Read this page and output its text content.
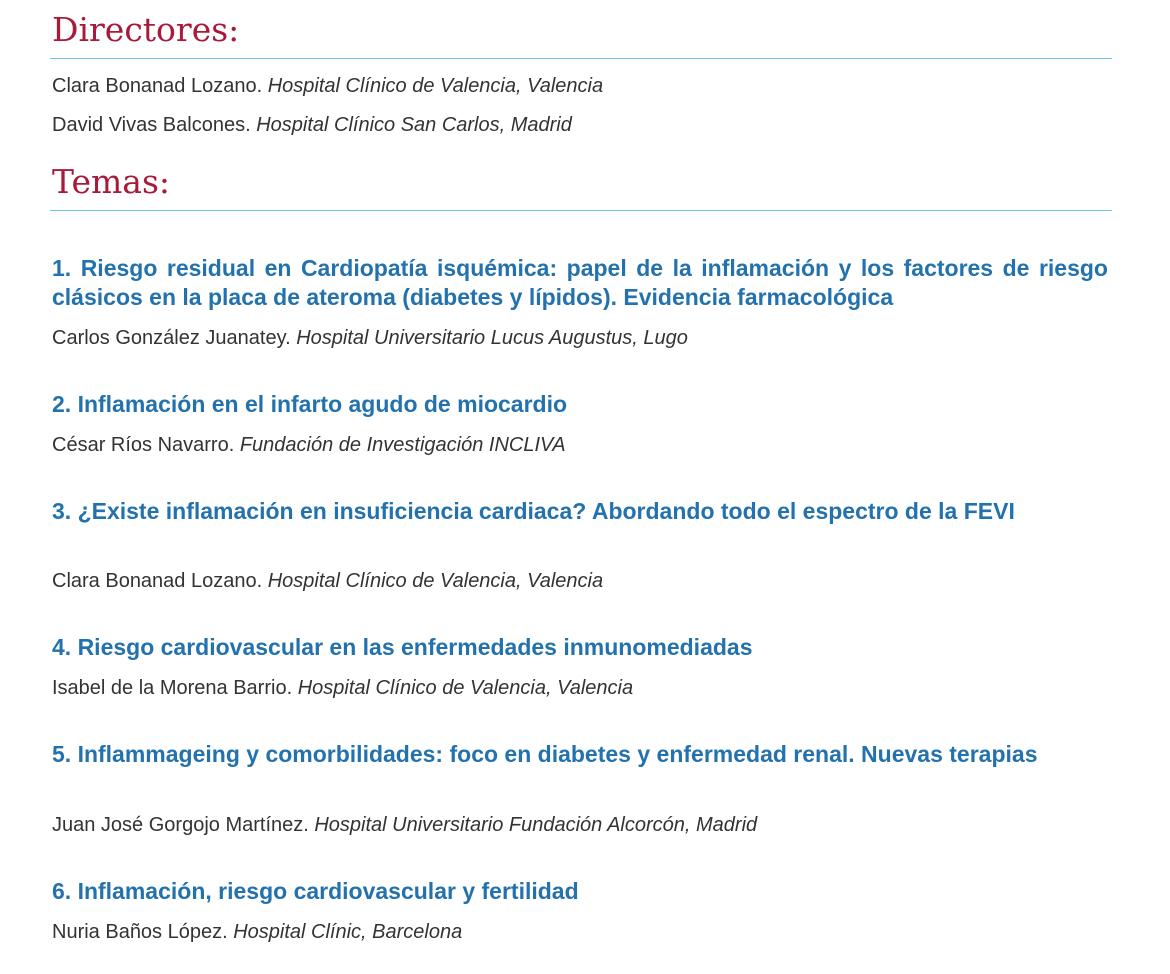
Directores:

Clara Bonanad Lozano. Hospital Clínico de Valencia, Valencia

David Vivas Balcones. Hospital Clínico San Carlos, Madrid

Temas:
1. Riesgo residual en Cardiopatía isquémica: papel de la inflamación y los factores de riesgo clásicos en la placa de ateroma (diabetes y lípidos). Evidencia farmacológica

Carlos González Juanatey. Hospital Universitario Lucus Augustus, Lugo

2. Inflamación en el infarto agudo de miocardio

César Ríos Navarro. Fundación de Investigación INCLIVA

3. ¿Existe inflamación en insuficiencia cardiaca? Abordando todo el espectro de la FEVI

Clara Bonanad Lozano. Hospital Clínico de Valencia, Valencia

4. Riesgo cardiovascular en las enfermedades inmunomediadas

Isabel de la Morena Barrio. Hospital Clínico de Valencia, Valencia

5. Inflammageing y comorbilidades: foco en diabetes y enfermedad renal. Nuevas terapias

Juan José Gorgojo Martínez. Hospital Universitario Fundación Alcorcón, Madrid

6. Inflamación, riesgo cardiovascular y fertilidad

Nuria Baños López. Hospital Clínic, Barcelona
